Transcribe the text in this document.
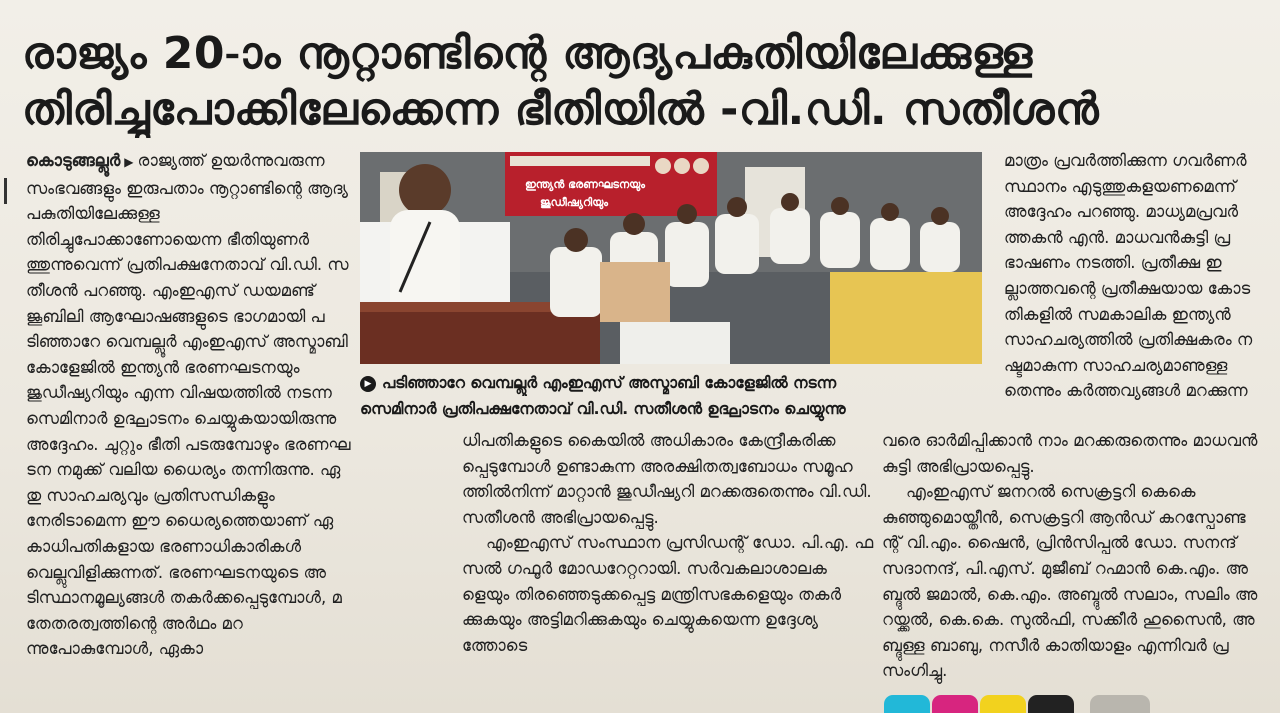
രാജ്യം 20-ാം നൂറ്റാണ്ടിന്റെ ആദ്യപകുതിയിലേക്കുള്ള
തിരിച്ചുപോക്കിലേക്കെന്ന ഭീതിയിൽ -വി.ഡി. സതീശൻ
കൊടുങ്ങല്ലൂർ ▶ രാജ്യത്ത് ഉയർന്നുവരുന്ന സംഭവങ്ങളും ഇരുപതാം നൂറ്റാണ്ടിന്റെ ആദ്യപകുതിയിലേക്കുള്ള തിരിച്ചുപോക്കാണോയെന്ന ഭീതിയുണർത്തുന്നുവെന്ന് പ്രതിപക്ഷനേതാവ് വി.ഡി. സതീശൻ പറഞ്ഞു. എംഇഎസ് ഡയമണ്ട് ജൂബിലി ആഘോഷങ്ങളുടെ ഭാഗമായി പടിഞ്ഞാറേ വെമ്പല്ലൂർ എംഇഎസ് അസ്മാബി കോളേജിൽ ഇന്ത്യൻ ഭരണഘടനയും ജുഡീഷ്യറിയും എന്ന വിഷയത്തിൽ നടന്ന സെമിനാർ ഉദ്ഘാടനം ചെയ്യുകയായിരുന്നു അദ്ദേഹം. ചുറ്റും ഭീതി പടരുമ്പോഴും ഭരണഘടന നമുക്ക് വലിയ ധൈര്യം തന്നിരുന്നു. ഏതു സാഹചര്യവും പ്രതിസന്ധികളും നേരിടാമെന്ന ഈ ധൈര്യത്തെയാണ് ഏകാധിപതികളായ ഭരണാധികാരികൾ വെല്ലുവിളിക്കുന്നത്. ഭരണഘടനയുടെ അടിസ്ഥാനമൂല്യങ്ങൾ തകർക്കപ്പെടുമ്പോൾ, മതേതരത്വത്തിന്റെ അർഥം മറന്നുപോകുമ്പോൾ, ഏകാ
ഇന്ത്യൻ ഭരണഘടനയും
ജുഡീഷ്യറിയും
▶ പടിഞ്ഞാറേ വെമ്പല്ലൂർ എംഇഎസ് അസ്മാബി കോളേജിൽ നടന്ന
സെമിനാർ പ്രതിപക്ഷനേതാവ് വി.ഡി. സതീശൻ ഉദ്ഘാടനം ചെയ്യുന്നു
മാത്രം പ്രവർത്തിക്കുന്ന ഗവർണർ സ്ഥാനം എടുത്തുകളയണമെന്ന് അദ്ദേഹം പറഞ്ഞു. മാധ്യമപ്രവർത്തകൻ എൻ. മാധവൻകുട്ടി പ്രഭാഷണം നടത്തി. പ്രതീക്ഷ ഇല്ലാത്തവന്റെ പ്രതീക്ഷയായ കോടതികളിൽ സമകാലിക ഇന്ത്യൻ സാഹചര്യത്തിൽ പ്രതിക്ഷകരം നഷ്ടമാകുന്ന സാഹചര്യമാണുള്ളതെന്നും കർത്തവ്യങ്ങൾ മറക്കുന്ന
ധിപതികളുടെ കൈയിൽ അധികാരം കേന്ദ്രീകരിക്കപ്പെടുമ്പോൾ ഉണ്ടാകുന്ന അരക്ഷിതത്വബോധം സമൂഹത്തിൽനിന്ന് മാറ്റാൻ ജുഡീഷ്യറി മറക്കരുതെന്നും വി.ഡി. സതീശൻ അഭിപ്രായപ്പെട്ടു.
എംഇഎസ് സംസ്ഥാന പ്രസിഡന്റ് ഡോ. പി.എ. ഫസൽ ഗഫൂർ മോഡറേറ്ററായി. സർവകലാശാലകളെയും തിരഞ്ഞെടുക്കപ്പെട്ട മന്ത്രിസഭകളെയും തകർക്കുകയും അട്ടിമറിക്കുകയും ചെയ്യുകയെന്ന ഉദ്ദേശ്യത്തോടെ
വരെ ഓർമിപ്പിക്കാൻ നാം മറക്കരുതെന്നും മാധവൻകുട്ടി അഭിപ്രായപ്പെട്ടു.
എംഇഎസ് ജനറൽ സെക്രട്ടറി കെകെ കുഞ്ഞുമൊയ്തീൻ, സെക്രട്ടറി ആൻഡ് കറസ്പോണ്ടന്റ് വി.എം. ഷൈൻ, പ്രിൻസിപ്പൽ ഡോ. സനന്ദ് സദാനന്ദ്, പി.എസ്. മുജീബ് റഹ്മാൻ കെ.എം. അബ്ദുൽ ജമാൽ, കെ.എം. അബ്ദുൽ സലാം, സലിം അറയ്ക്കൽ, കെ.കെ. സുൽഫി, സക്കീർ ഹുസൈൻ, അബ്ദുള്ള ബാബു, നസീർ കാതിയാളം എന്നിവർ പ്രസംഗിച്ചു.
